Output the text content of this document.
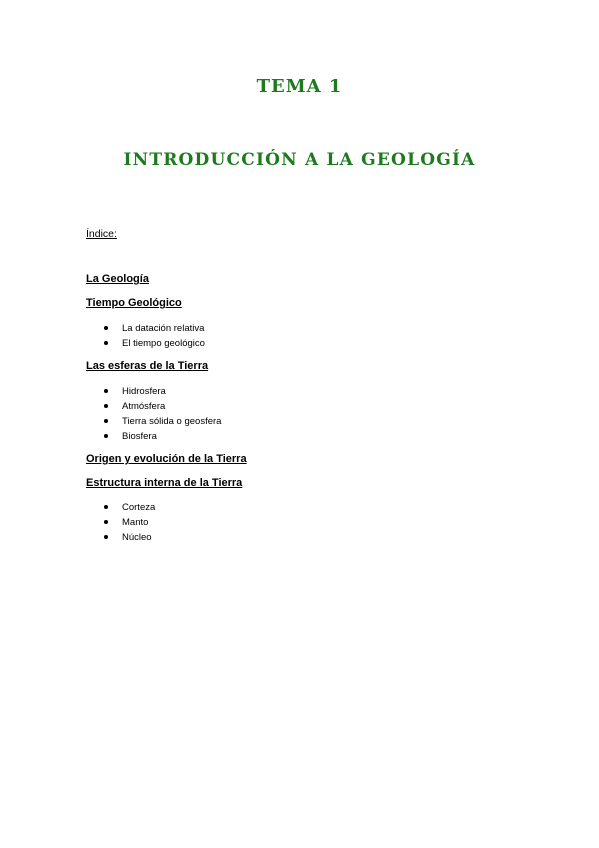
TEMA 1
INTRODUCCIÓN A LA GEOLOGÍA

Índice:

La Geología

Tiempo Geológico

La datación relativa
El tiempo geológico

Las esferas de la Tierra

Hidrosfera
Atmósfera
Tierra sólida o geosfera
Biosfera

Origen y evolución de la Tierra

Estructura interna de la Tierra

Corteza
Manto
Núcleo
